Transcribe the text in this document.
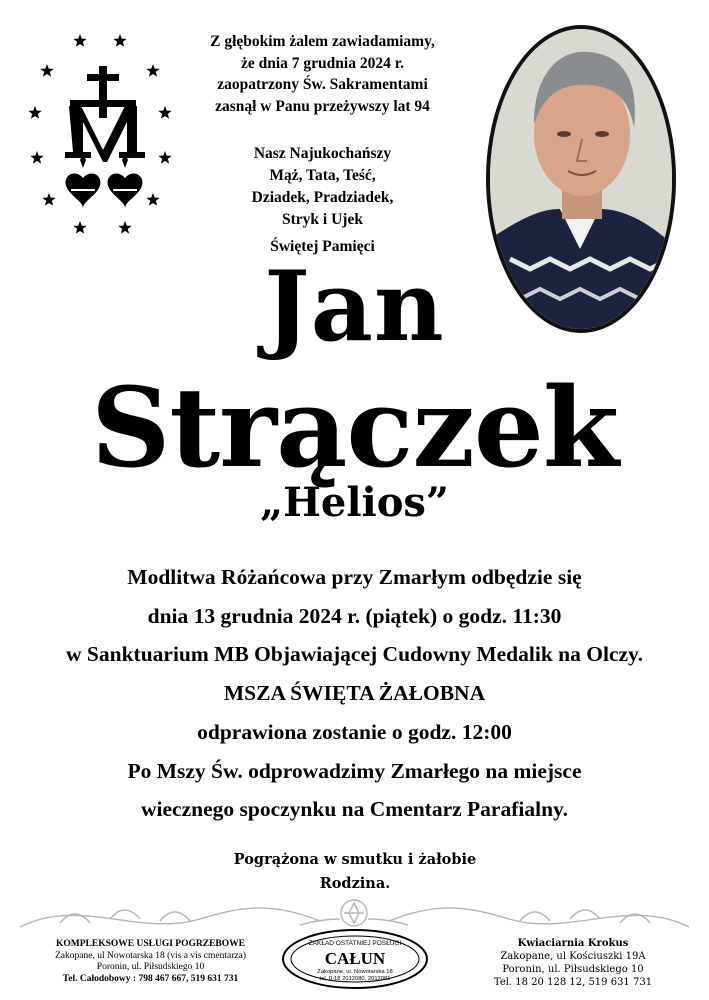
Z głębokim żalem zawiadamiamy,
że dnia 7 grudnia 2024 r.
zaopatrzony Św. Sakramentami
zasnął w Panu przeżywszy lat 94
Nasz Najukochańszy
Mąż, Tata, Teść,
Dziadek, Pradziadek,
Stryk i Ujek
Świętej Pamięci
Jan
Strączek
„Helios”
Modlitwa Różańcowa przy Zmarłym odbędzie się
dnia 13 grudnia 2024 r. (piątek) o godz. 11:30
w Sanktuarium MB Objawiającej Cudowny Medalik na Olczy.
MSZA ŚWIĘTA ŻAŁOBNA
odprawiona zostanie o godz. 12:00
Po Mszy Św. odprowadzimy Zmarłego na miejsce
wiecznego spoczynku na Cmentarz Parafialny.
Pogrążona w smutku i żałobie
Rodzina.
KOMPLEKSOWE USŁUGI POGRZEBOWE
Zakopane, ul Nowotarska 18 (vis a vis cmentarza)
Poronin, ul. Piłsudskiego 10
Tel. Całodobowy : 798 467 667, 519 631 731
ZAKŁAD OSTATNIEJ POSŁUGI
CAŁUN
Zakopane, ul. Nowotarska 18
tel. 0-18 2012080, 2012081
Kwiaciarnia Krokus
Zakopane, ul Kościuszki 19A
Poronin, ul. Piłsudskiego 10
Tel. 18 20 128 12, 519 631 731
